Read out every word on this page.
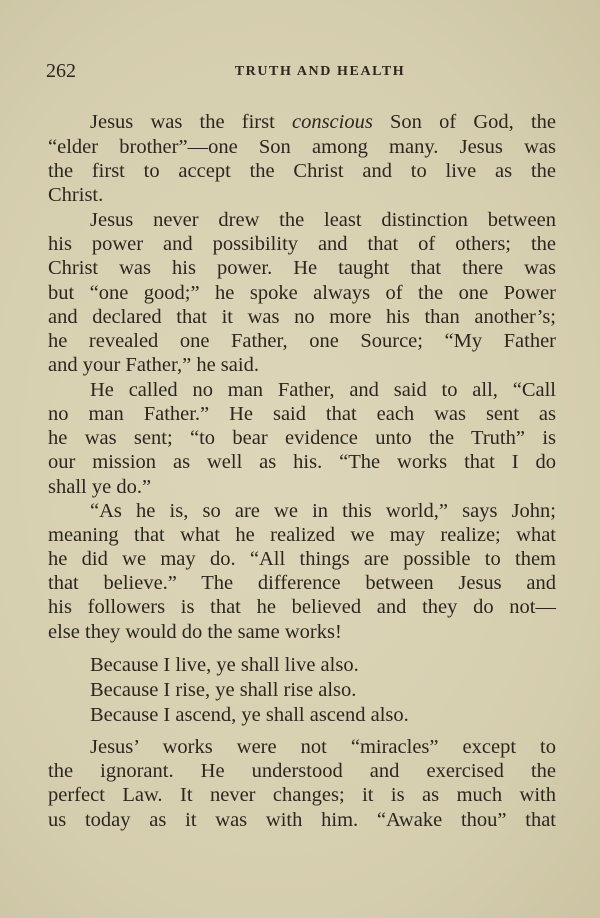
262	TRUTH AND HEALTH
Jesus was the first conscious Son of God, the
“elder brother”—one Son among many. Jesus was
the first to accept the Christ and to live as the
Christ.
Jesus never drew the least distinction between
his power and possibility and that of others; the
Christ was his power. He taught that there was
but “one good;” he spoke always of the one Power
and declared that it was no more his than another’s;
he revealed one Father, one Source; “My Father
and your Father,” he said.
He called no man Father, and said to all, “Call
no man Father.” He said that each was sent as
he was sent; “to bear evidence unto the Truth” is
our mission as well as his. “The works that I do
shall ye do.”
“As he is, so are we in this world,” says John;
meaning that what he realized we may realize; what
he did we may do. “All things are possible to them
that believe.” The difference between Jesus and
his followers is that he believed and they do not—
else they would do the same works!
Because I live, ye shall live also.
Because I rise, ye shall rise also.
Because I ascend, ye shall ascend also.
Jesus’ works were not “miracles” except to
the ignorant. He understood and exercised the
perfect Law. It never changes; it is as much with
us today as it was with him. “Awake thou” that
